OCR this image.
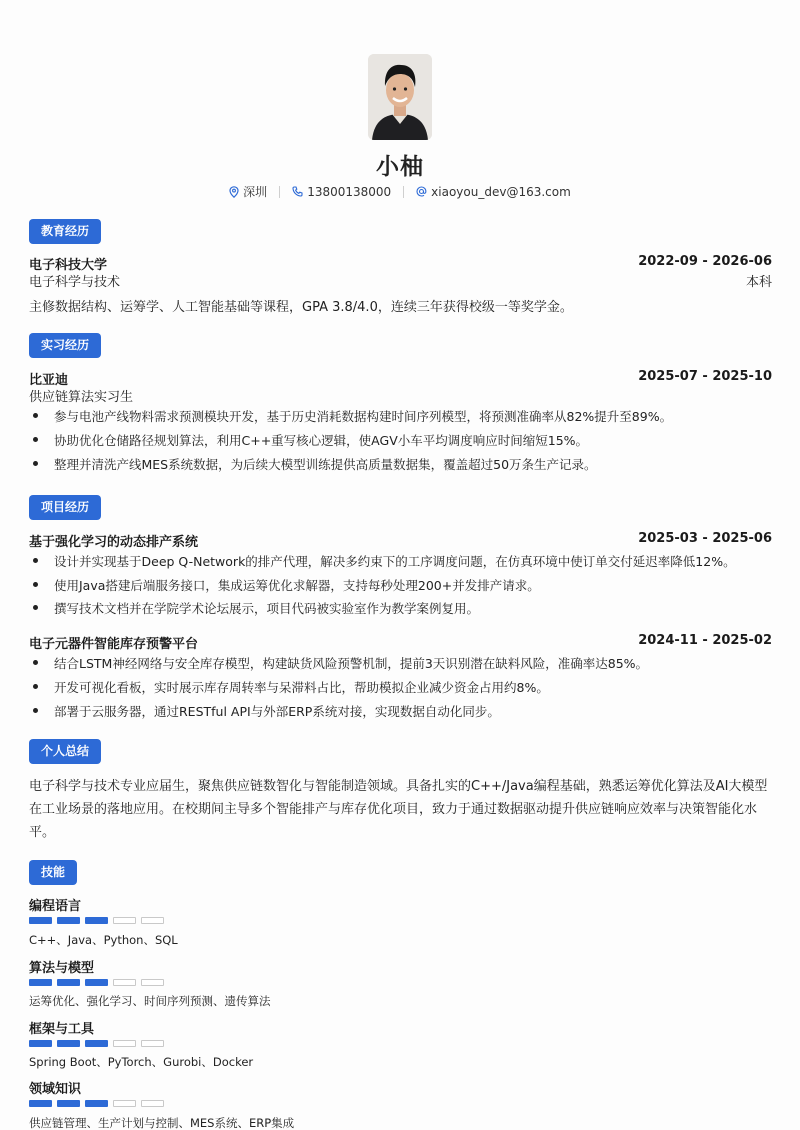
小柚
深圳	13800138000	xiaoyou_dev@163.com
教育经历
电子科技大学	2022-09 - 2026-06
电子科学与技术	本科
主修数据结构、运筹学、人工智能基础等课程，GPA 3.8/4.0，连续三年获得校级一等奖学金。
实习经历
比亚迪	2025-07 - 2025-10
供应链算法实习生
参与电池产线物料需求预测模块开发，基于历史消耗数据构建时间序列模型，将预测准确率从82%提升至89%。
协助优化仓储路径规划算法，利用C++重写核心逻辑，使AGV小车平均调度响应时间缩短15%。
整理并清洗产线MES系统数据，为后续大模型训练提供高质量数据集，覆盖超过50万条生产记录。
项目经历
基于强化学习的动态排产系统	2025-03 - 2025-06
设计并实现基于Deep Q-Network的排产代理，解决多约束下的工序调度问题，在仿真环境中使订单交付延迟率降低12%。
使用Java搭建后端服务接口，集成运筹优化求解器，支持每秒处理200+并发排产请求。
撰写技术文档并在学院学术论坛展示，项目代码被实验室作为教学案例复用。
电子元器件智能库存预警平台	2024-11 - 2025-02
结合LSTM神经网络与安全库存模型，构建缺货风险预警机制，提前3天识别潜在缺料风险，准确率达85%。
开发可视化看板，实时展示库存周转率与呆滞料占比，帮助模拟企业减少资金占用约8%。
部署于云服务器，通过RESTful API与外部ERP系统对接，实现数据自动化同步。
个人总结
电子科学与技术专业应届生，聚焦供应链数智化与智能制造领域。具备扎实的C++/Java编程基础，熟悉运筹优化算法及AI大模型在工业场景的落地应用。在校期间主导多个智能排产与库存优化项目，致力于通过数据驱动提升供应链响应效率与决策智能化水平。
技能
编程语言
C++、Java、Python、SQL
算法与模型
运筹优化、强化学习、时间序列预测、遗传算法
框架与工具
Spring Boot、PyTorch、Gurobi、Docker
领域知识
供应链管理、生产计划与控制、MES系统、ERP集成
